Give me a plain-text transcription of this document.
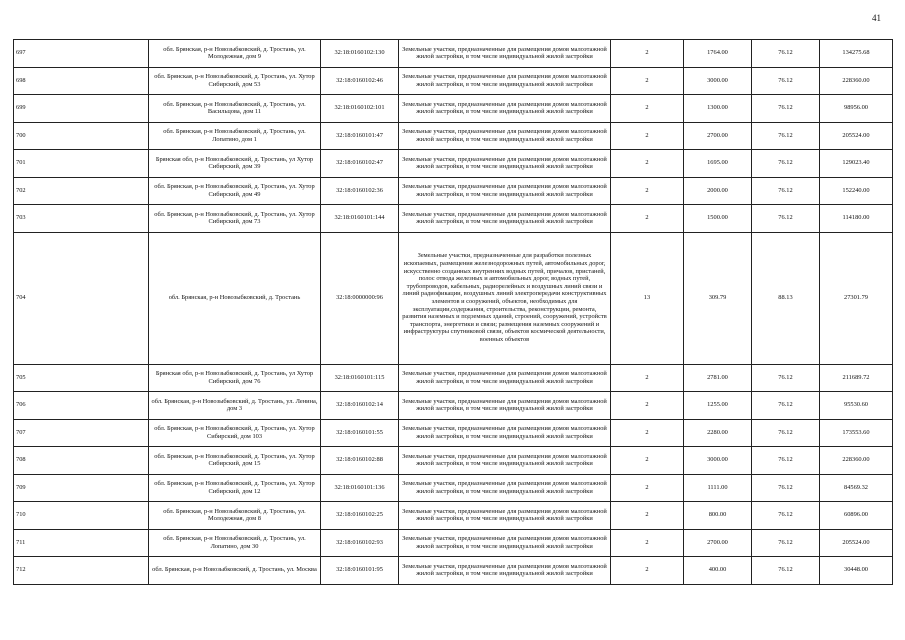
41
697	обл. Брянская, р-н Новозыбковский, д. Тростань, ул. Молодежная, дом 9	32:18:0160102:130	Земельные участки, предназначенные для размещения домов малоэтажной жилой застройки, в том числе индивидуальной жилой застройки	2	1764.00	76.12	134275.68
698	обл. Брянская, р-н Новозыбковский, д. Тростань, ул. Хутор Сибирский, дом 53	32:18:0160102:46	Земельные участки, предназначенные для размещения домов малоэтажной жилой застройки, в том числе индивидуальной жилой застройки	2	3000.00	76.12	228360.00
699	обл. Брянская, р-н Новозыбковский, д. Тростань, ул. Васильцова, дом 11	32:18:0160102:101	Земельные участки, предназначенные для размещения домов малоэтажной жилой застройки, в том числе индивидуальной жилой застройки	2	1300.00	76.12	98956.00
700	обл. Брянская, р-н Новозыбковский, д. Тростань, ул. Лопатино, дом 1	32:18:0160101:47	Земельные участки, предназначенные для размещения домов малоэтажной жилой застройки, в том числе индивидуальной жилой застройки	2	2700.00	76.12	205524.00
701	Брянская обл, р-н Новозыбковский, д. Тростань, ул Хутор Сибирский, дом 39	32:18:0160102:47	Земельные участки, предназначенные для размещения домов малоэтажной жилой застройки, в том числе индивидуальной жилой застройки	2	1695.00	76.12	129023.40
702	обл. Брянская, р-н Новозыбковский, д. Тростань, ул. Хутор Сибирский, дом 49	32:18:0160102:36	Земельные участки, предназначенные для размещения домов малоэтажной жилой застройки, в том числе индивидуальной жилой застройки	2	2000.00	76.12	152240.00
703	обл. Брянская, р-н Новозыбковский, д. Тростань, ул. Хутор Сибирский, дом 73	32:18:0160101:144	Земельные участки, предназначенные для размещения домов малоэтажной жилой застройки, в том числе индивидуальной жилой застройки	2	1500.00	76.12	114180.00
704	обл. Брянская, р-н Новозыбковский, д. Тростань	32:18:0000000:96	Земельные участки, предназначенные для разработки полезных ископаемых, размещения железнодорожных путей, автомобильных дорог, искусственно созданных внутренних водных путей, причалов, пристаней, полос отвода железных и автомобильных дорог, водных путей, трубопроводов, кабельных, радиорелейных и воздушных линий связи и линий радиофикации, воздушных линий электропередачи конструктивных элементов и сооружений, объектов, необходимых для эксплуатации,содержания, строительства, реконструкции, ремонта, развития наземных и подземных зданий, строений, сооружений, устройств транспорта, энергетики и связи; размещения наземных сооружений и инфраструктуры спутниковой связи, объектов космической деятельности, военных объектов	13	309.79	88.13	27301.79
705	Брянская обл, р-н Новозыбковский, д. Тростань, ул Хутор Сибирский, дом 76	32:18:0160101:115	Земельные участки, предназначенные для размещения домов малоэтажной жилой застройки, в том числе индивидуальной жилой застройки	2	2781.00	76.12	211689.72
706	обл. Брянская, р-н Новозыбковский, д. Тростань, ул. Ленина, дом 3	32:18:0160102:14	Земельные участки, предназначенные для размещения домов малоэтажной жилой застройки, в том числе индивидуальной жилой застройки	2	1255.00	76.12	95530.60
707	обл. Брянская, р-н Новозыбковский, д. Тростань, ул. Хутор Сибирский, дом 103	32:18:0160101:55	Земельные участки, предназначенные для размещения домов малоэтажной жилой застройки, в том числе индивидуальной жилой застройки	2	2280.00	76.12	173553.60
708	обл. Брянская, р-н Новозыбковский, д. Тростань, ул. Хутор Сибирский, дом 15	32:18:0160102:88	Земельные участки, предназначенные для размещения домов малоэтажной жилой застройки, в том числе индивидуальной жилой застройки	2	3000.00	76.12	228360.00
709	обл. Брянская, р-н Новозыбковский, д. Тростань, ул. Хутор Сибирский, дом 12	32:18:0160101:136	Земельные участки, предназначенные для размещения домов малоэтажной жилой застройки, в том числе индивидуальной жилой застройки	2	1111.00	76.12	84569.32
710	обл. Брянская, р-н Новозыбковский, д. Тростань, ул. Молодежная, дом 8	32:18:0160102:25	Земельные участки, предназначенные для размещения домов малоэтажной жилой застройки, в том числе индивидуальной жилой застройки	2	800.00	76.12	60896.00
711	обл. Брянская, р-н Новозыбковский, д. Тростань, ул. Лопатино, дом 30	32:18:0160102:93	Земельные участки, предназначенные для размещения домов малоэтажной жилой застройки, в том числе индивидуальной жилой застройки	2	2700.00	76.12	205524.00
712	обл. Брянская, р-н Новозыбковский, д. Тростань, ул. Москва	32:18:0160101:95	Земельные участки, предназначенные для размещения домов малоэтажной жилой застройки, в том числе индивидуальной жилой застройки	2	400.00	76.12	30448.00
